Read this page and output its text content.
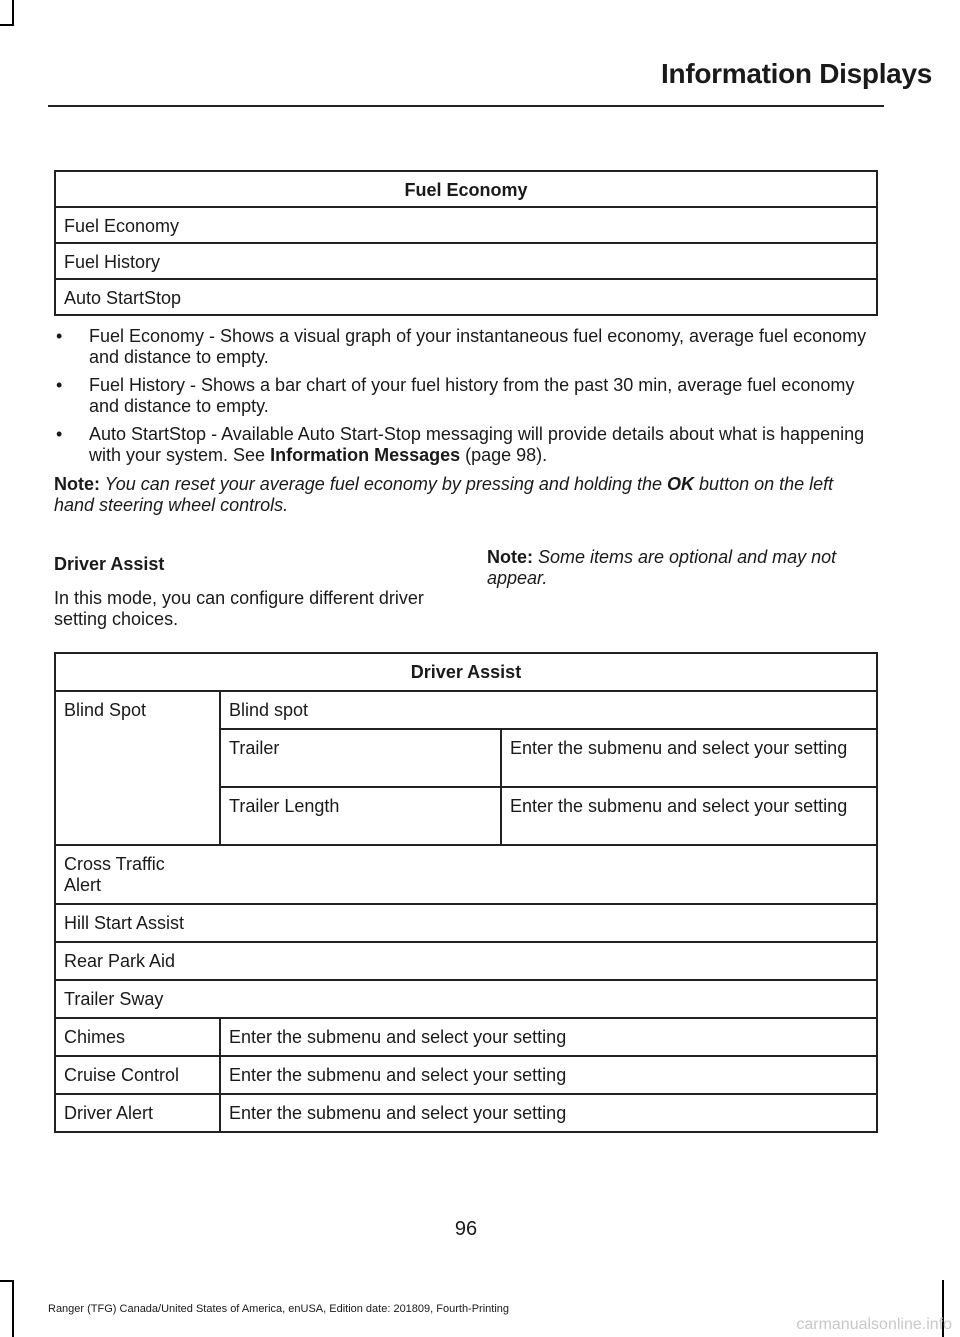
Information Displays
Fuel Economy
Fuel Economy
Fuel History
Auto StartStop
• Fuel Economy - Shows a visual graph of your instantaneous fuel economy, average fuel economy and distance to empty.
• Fuel History - Shows a bar chart of your fuel history from the past 30 min, average fuel economy and distance to empty.
• Auto StartStop - Available Auto Start-Stop messaging will provide details about what is happening with your system. See Information Messages (page 98).
Note: You can reset your average fuel economy by pressing and holding the OK button on the left hand steering wheel controls.
Driver Assist
In this mode, you can configure different driver setting choices.
Note: Some items are optional and may not appear.
Driver Assist		
Blind Spot	Blind spot	
	Trailer	Enter the submenu and select your setting
	Trailer Length	Enter the submenu and select your setting

Cross Traffic Alert		

Hill Start Assist		
Rear Park Aid		
Trailer Sway		
Chimes	Enter the submenu and select your setting	
Cruise Control	Enter the submenu and select your setting	
Driver Alert	Enter the submenu and select your setting	
96
Ranger (TFG) Canada/United States of America, enUSA, Edition date: 201809, Fourth-Printing
carmanualsonline.info
